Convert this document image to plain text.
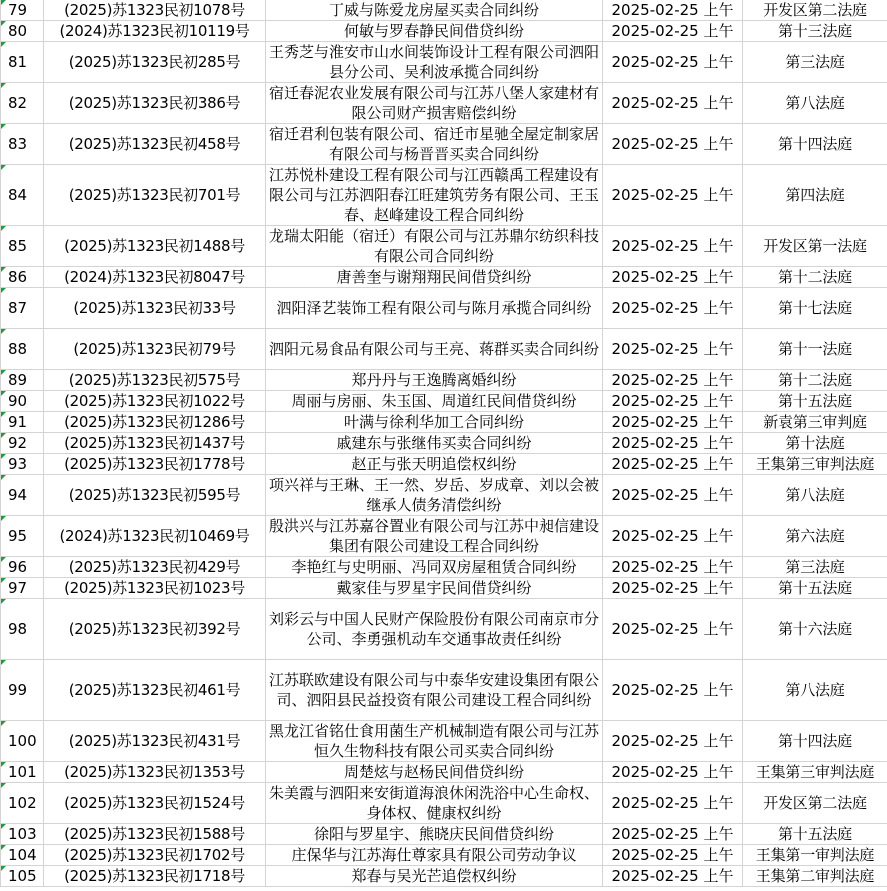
79	(2025)苏1323民初1078号	丁威与陈爱龙房屋买卖合同纠纷	2025-02-25 上午	开发区第二法庭

80	(2024)苏1323民初10119号	何敏与罗春静民间借贷纠纷	2025-02-25 上午	第十三法庭

81	(2025)苏1323民初285号	王秀芝与淮安市山水间装饰设计工程有限公司泗阳县分公司、吴利波承揽合同纠纷	2025-02-25 上午	第三法庭

82	(2025)苏1323民初386号	宿迁春泥农业发展有限公司与江苏八堡人家建材有限公司财产损害赔偿纠纷	2025-02-25 上午	第八法庭

83	(2025)苏1323民初458号	宿迁君利包装有限公司、宿迁市星驰全屋定制家居有限公司与杨晋晋买卖合同纠纷	2025-02-25 上午	第十四法庭

84	(2025)苏1323民初701号	江苏悦朴建设工程有限公司与江西赣禹工程建设有限公司与江苏泗阳春江旺建筑劳务有限公司、王玉春、赵峰建设工程合同纠纷	2025-02-25 上午	第四法庭

85	(2025)苏1323民初1488号	龙瑞太阳能（宿迁）有限公司与江苏鼎尔纺织科技有限公司合同纠纷	2025-02-25 上午	开发区第一法庭

86	(2024)苏1323民初8047号	唐善奎与谢翔翔民间借贷纠纷	2025-02-25 上午	第十二法庭

87	(2025)苏1323民初33号	泗阳泽艺装饰工程有限公司与陈月承揽合同纠纷	2025-02-25 上午	第十七法庭

88	(2025)苏1323民初79号	泗阳元易食品有限公司与王亮、蒋群买卖合同纠纷	2025-02-25 上午	第十一法庭

89	(2025)苏1323民初575号	郑丹丹与王逸腾离婚纠纷	2025-02-25 上午	第十二法庭

90	(2025)苏1323民初1022号	周丽与房丽、朱玉国、周道红民间借贷纠纷	2025-02-25 上午	第十五法庭

91	(2025)苏1323民初1286号	叶满与徐利华加工合同纠纷	2025-02-25 上午	新袁第三审判庭

92	(2025)苏1323民初1437号	戚建东与张继伟买卖合同纠纷	2025-02-25 上午	第十法庭

93	(2025)苏1323民初1778号	赵正与张天明追偿权纠纷	2025-02-25 上午	王集第三审判法庭

94	(2025)苏1323民初595号	项兴祥与王琳、王一然、岁岳、岁成章、刘以会被继承人债务清偿纠纷	2025-02-25 上午	第八法庭

95	(2024)苏1323民初10469号	殷洪兴与江苏嘉谷置业有限公司与江苏中昶信建设集团有限公司建设工程合同纠纷	2025-02-25 上午	第六法庭

96	(2025)苏1323民初429号	李艳红与史明丽、冯同双房屋租赁合同纠纷	2025-02-25 上午	第三法庭

97	(2025)苏1323民初1023号	戴家佳与罗星宇民间借贷纠纷	2025-02-25 上午	第十五法庭

98	(2025)苏1323民初392号	刘彩云与中国人民财产保险股份有限公司南京市分公司、李勇强机动车交通事故责任纠纷	2025-02-25 上午	第十六法庭

99	(2025)苏1323民初461号	江苏联欧建设有限公司与中泰华安建设集团有限公司、泗阳县民益投资有限公司建设工程合同纠纷	2025-02-25 上午	第八法庭

100	(2025)苏1323民初431号	黑龙江省铭仕食用菌生产机械制造有限公司与江苏恒久生物科技有限公司买卖合同纠纷	2025-02-25 上午	第十四法庭

101	(2025)苏1323民初1353号	周楚炫与赵杨民间借贷纠纷	2025-02-25 上午	王集第三审判法庭

102	(2025)苏1323民初1524号	朱美霞与泗阳来安街道海浪休闲洗浴中心生命权、身体权、健康权纠纷	2025-02-25 上午	开发区第二法庭

103	(2025)苏1323民初1588号	徐阳与罗星宇、熊晓庆民间借贷纠纷	2025-02-25 上午	第十五法庭

104	(2025)苏1323民初1702号	庄保华与江苏海仕尊家具有限公司劳动争议	2025-02-25 上午	王集第一审判法庭

105	(2025)苏1323民初1718号	郑春与吴光芒追偿权纠纷	2025-02-25 上午	王集第二审判法庭
